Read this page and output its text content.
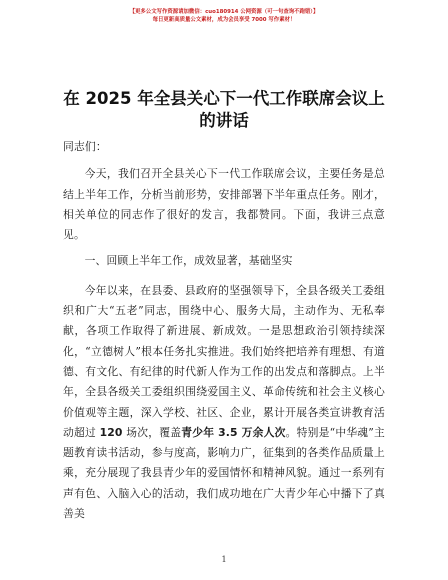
【更多公文写作资源请加微信：cuo180914 公网资源（可一句查询不跑错）】
每日更新高质量公文素材，成为会员享受 7000 写作素材！
在 2025 年全县关心下一代工作联席会议上的讲话

同志们：

今天，我们召开全县关心下一代工作联席会议，主要任务是总结上半年工作，分析当前形势，安排部署下半年重点任务。刚才，相关单位的同志作了很好的发言，我都赞同。下面，我讲三点意见。

一、回顾上半年工作，成效显著，基础坚实

今年以来，在县委、县政府的坚强领导下，全县各级关工委组织和广大“五老”同志，围绕中心、服务大局，主动作为、无私奉献，各项工作取得了新进展、新成效。一是思想政治引领持续深化，“立德树人”根本任务扎实推进。我们始终把培养有理想、有道德、有文化、有纪律的时代新人作为工作的出发点和落脚点。上半年，全县各级关工委组织围绕爱国主义、革命传统和社会主义核心价值观等主题，深入学校、社区、企业，累计开展各类宣讲教育活动超过 120 场次，覆盖青少年 3.5 万余人次。特别是“中华魂”主题教育读书活动，参与度高，影响力广，征集到的各类作品质量上乘，充分展现了我县青少年的爱国情怀和精神风貌。通过一系列有声有色、入脑入心的活动，我们成功地在广大青少年心中播下了真善美

1
